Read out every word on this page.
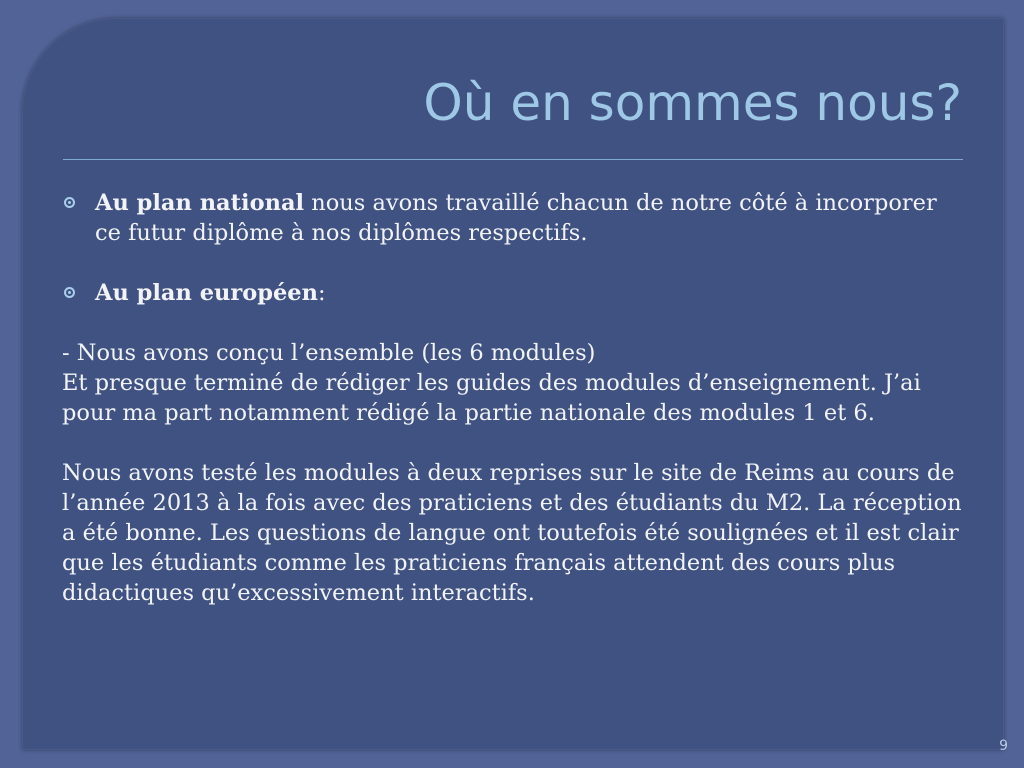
Où en sommes nous?
Au plan national nous avons travaillé chacun de notre côté à incorporer ce futur diplôme à nos diplômes respectifs.
Au plan européen:

- Nous avons conçu l’ensemble (les 6 modules)

Et presque terminé de rédiger les guides des modules d’enseignement. J’ai pour ma part notamment rédigé la partie nationale des modules 1 et 6.

Nous avons testé les modules à deux reprises sur le site de Reims au cours de l’année 2013 à la fois avec des praticiens et des étudiants du M2. La réception a été bonne. Les questions de langue ont toutefois été soulignées et il est clair que les étudiants comme les praticiens français attendent des cours plus didactiques qu’excessivement interactifs.

9
